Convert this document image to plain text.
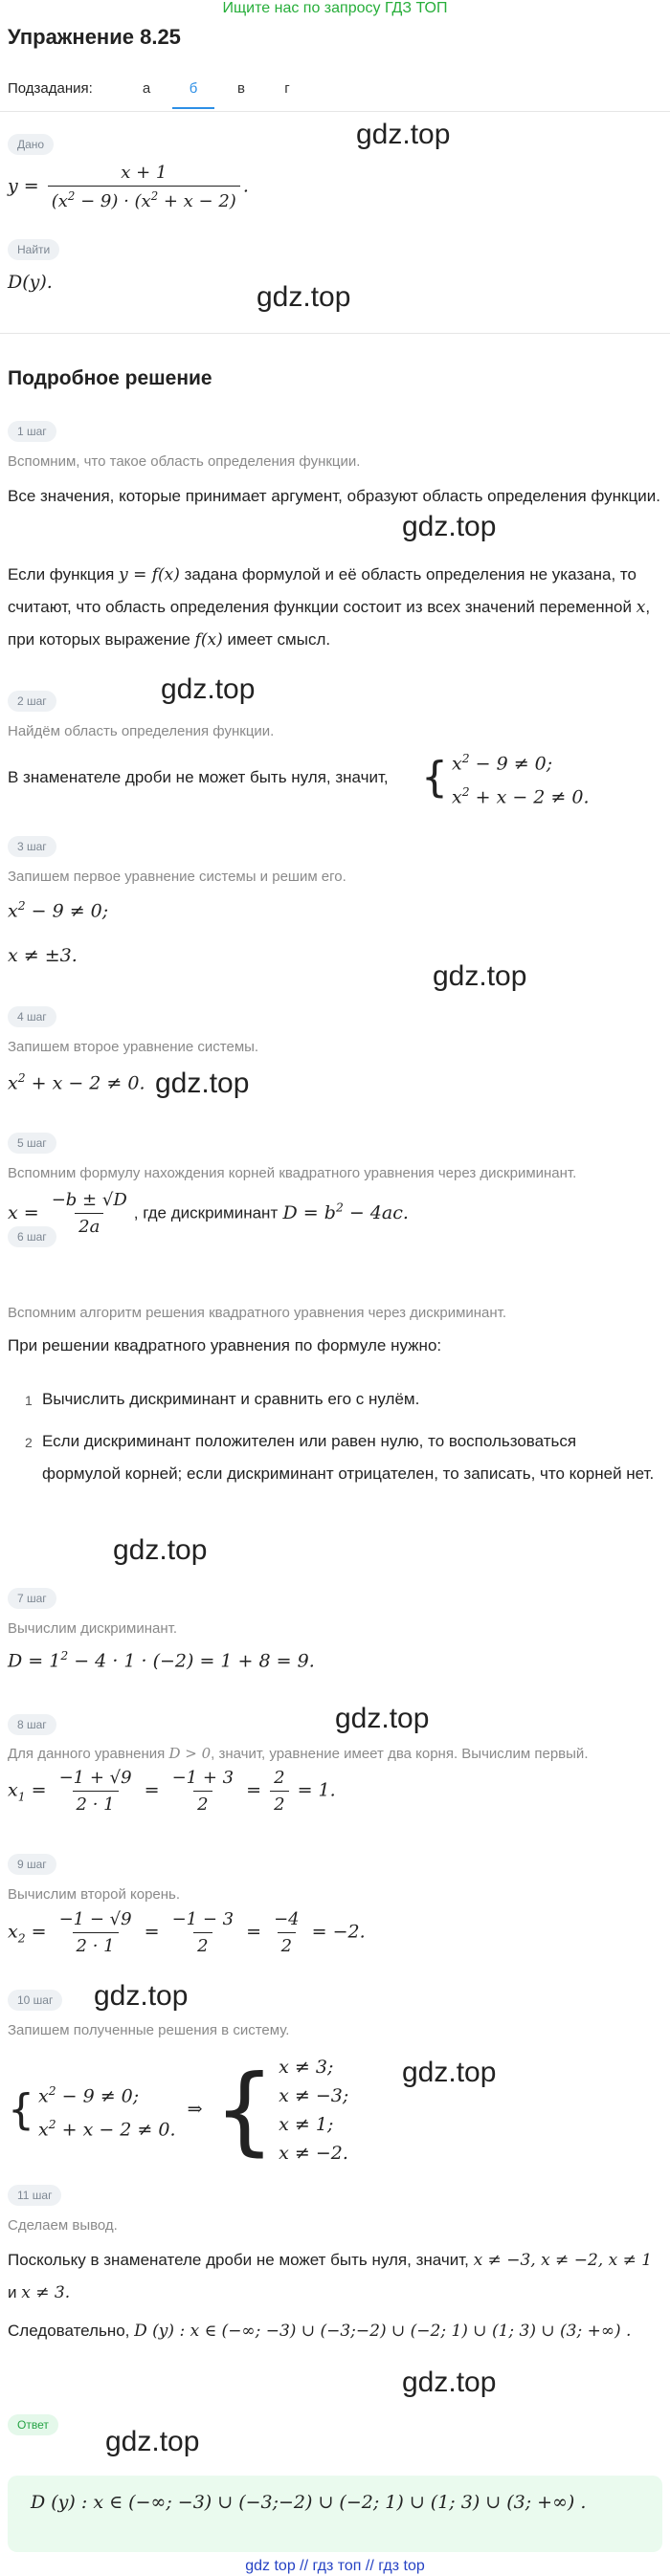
Ищите нас по запросу ГДЗ ТОП
Упражнение 8.25
Подзадания:	а	б	в	г
Дано
$y = \frac{x + 1}{(x^2 - 9) \cdot (x^2 + x - 2)}$ .
gdz.top
Найти
D(y).	gdz.top
Подробное решение
1 шаг
Вспомним, что такое область определения функции.
Все значения, которые принимает аргумент, образуют область определения функции.
Если функция y = f(x) задана формулой и её область определения не указана, то считают, что область определения функции состоит из всех значений переменной x, при которых выражение f(x) имеет смысл.
gdz.top
gdz.top
2 шаг
Найдём область определения функции.
В знаменателе дроби не может быть нуля, значит, { $x^2 - 9 \ne 0$;
$x^2 + x - 2 \ne 0$.
3 шаг
Запишем первое уравнение системы и решим его.
$x^2 - 9 \ne 0$;
x ≠ ±3.
gdz.top
4 шаг
Запишем второе уравнение системы.
$x^2 + x - 2 \ne 0$. gdz.top
5 шаг
Вспомним формулу нахождения корней квадратного уравнения через дискриминант.
$x = \frac{-b \pm √D}{2a}$ , где дискриминант $D = b^2 - 4ac$.
6 шаг
Вспомним алгоритм решения квадратного уравнения через дискриминант.
При решении квадратного уравнения по формуле нужно:
1 Вычислить дискриминант и сравнить его с нулём.
2 Если дискриминант положителен или равен нулю, то воспользоваться формулой корней; если дискриминант отрицателен, то записать, что корней нет.
gdz.top
7 шаг
Вычислим дискриминант.
$D = 1^2 - 4 \cdot 1 \cdot (-2) = 1 + 8 = 9$.
8 шаг	gdz.top
Для данного уравнения D > 0, значит, уравнение имеет два корня. Вычислим первый.
$x_1 = \frac{-1 + √9}{2 \cdot 1} = \frac{-1 + 3}{2} = \frac{2}{2} = 1$.
9 шаг
Вычислим второй корень.
$x_2 = \frac{-1 - √9}{2 \cdot 1} = \frac{-1 - 3}{2} = \frac{-4}{2} = -2$.
10 шаг	gdz.top
Запишем полученные решения в систему.
{ $x^2 - 9 \ne 0$;
$x^2 + x - 2 \ne 0$.
⇒ { x ≠ 3;
x ≠ −3;
x ≠ 1;
x ≠ −2.
gdz.top
11 шаг
Сделаем вывод.
Поскольку в знаменателе дроби не может быть нуля, значит, x ≠ −3, x ≠ −2, x ≠ 1 и x ≠ 3.
Следовательно, D (y) : x ∈ (−∞; −3) ∪ (−3;−2) ∪ (−2; 1) ∪ (1; 3) ∪ (3; +∞) .
gdz.top
Ответ
gdz.top
D (y) : x ∈ (−∞; −3) ∪ (−3;−2) ∪ (−2; 1) ∪ (1; 3) ∪ (3; +∞) .
gdz top // гдз топ // гдз top
